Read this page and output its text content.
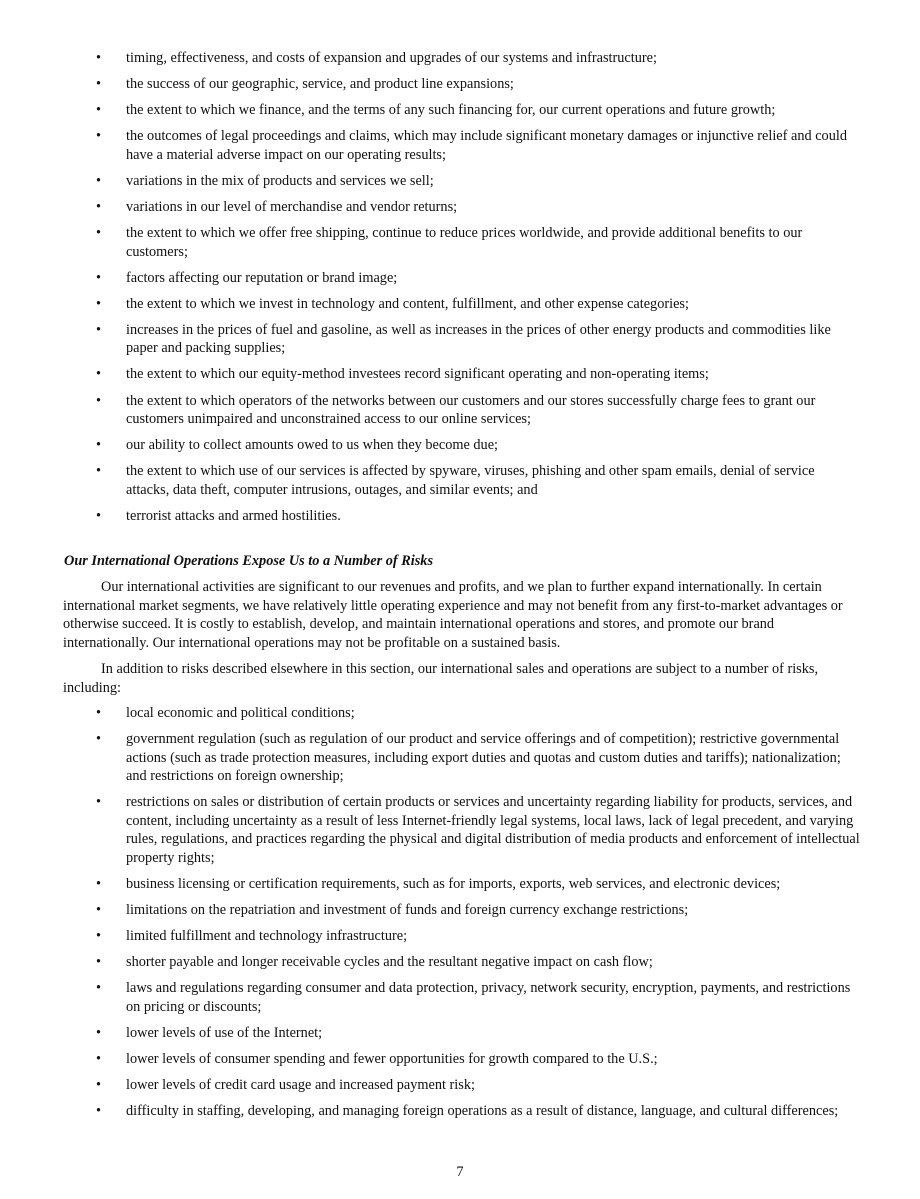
• timing, effectiveness, and costs of expansion and upgrades of our systems and infrastructure;
• the success of our geographic, service, and product line expansions;
• the extent to which we finance, and the terms of any such financing for, our current operations and future growth;
• the outcomes of legal proceedings and claims, which may include significant monetary damages or injunctive relief and could have a material adverse impact on our operating results;
• variations in the mix of products and services we sell;
• variations in our level of merchandise and vendor returns;
• the extent to which we offer free shipping, continue to reduce prices worldwide, and provide additional benefits to our customers;
• factors affecting our reputation or brand image;
• the extent to which we invest in technology and content, fulfillment, and other expense categories;
• increases in the prices of fuel and gasoline, as well as increases in the prices of other energy products and commodities like paper and packing supplies;
• the extent to which our equity-method investees record significant operating and non-operating items;
• the extent to which operators of the networks between our customers and our stores successfully charge fees to grant our customers unimpaired and unconstrained access to our online services;
• our ability to collect amounts owed to us when they become due;
• the extent to which use of our services is affected by spyware, viruses, phishing and other spam emails, denial of service attacks, data theft, computer intrusions, outages, and similar events; and
• terrorist attacks and armed hostilities.
Our International Operations Expose Us to a Number of Risks

Our international activities are significant to our revenues and profits, and we plan to further expand internationally. In certain international market segments, we have relatively little operating experience and may not benefit from any first-to-market advantages or otherwise succeed. It is costly to establish, develop, and maintain international operations and stores, and promote our brand internationally. Our international operations may not be profitable on a sustained basis.

In addition to risks described elsewhere in this section, our international sales and operations are subject to a number of risks, including:

• local economic and political conditions;
• government regulation (such as regulation of our product and service offerings and of competition); restrictive governmental actions (such as trade protection measures, including export duties and quotas and custom duties and tariffs); nationalization; and restrictions on foreign ownership;
• restrictions on sales or distribution of certain products or services and uncertainty regarding liability for products, services, and content, including uncertainty as a result of less Internet-friendly legal systems, local laws, lack of legal precedent, and varying rules, regulations, and practices regarding the physical and digital distribution of media products and enforcement of intellectual property rights;
• business licensing or certification requirements, such as for imports, exports, web services, and electronic devices;
• limitations on the repatriation and investment of funds and foreign currency exchange restrictions;
• limited fulfillment and technology infrastructure;
• shorter payable and longer receivable cycles and the resultant negative impact on cash flow;
• laws and regulations regarding consumer and data protection, privacy, network security, encryption, payments, and restrictions on pricing or discounts;
• lower levels of use of the Internet;
• lower levels of consumer spending and fewer opportunities for growth compared to the U.S.;
• lower levels of credit card usage and increased payment risk;
• difficulty in staffing, developing, and managing foreign operations as a result of distance, language, and cultural differences;
7
